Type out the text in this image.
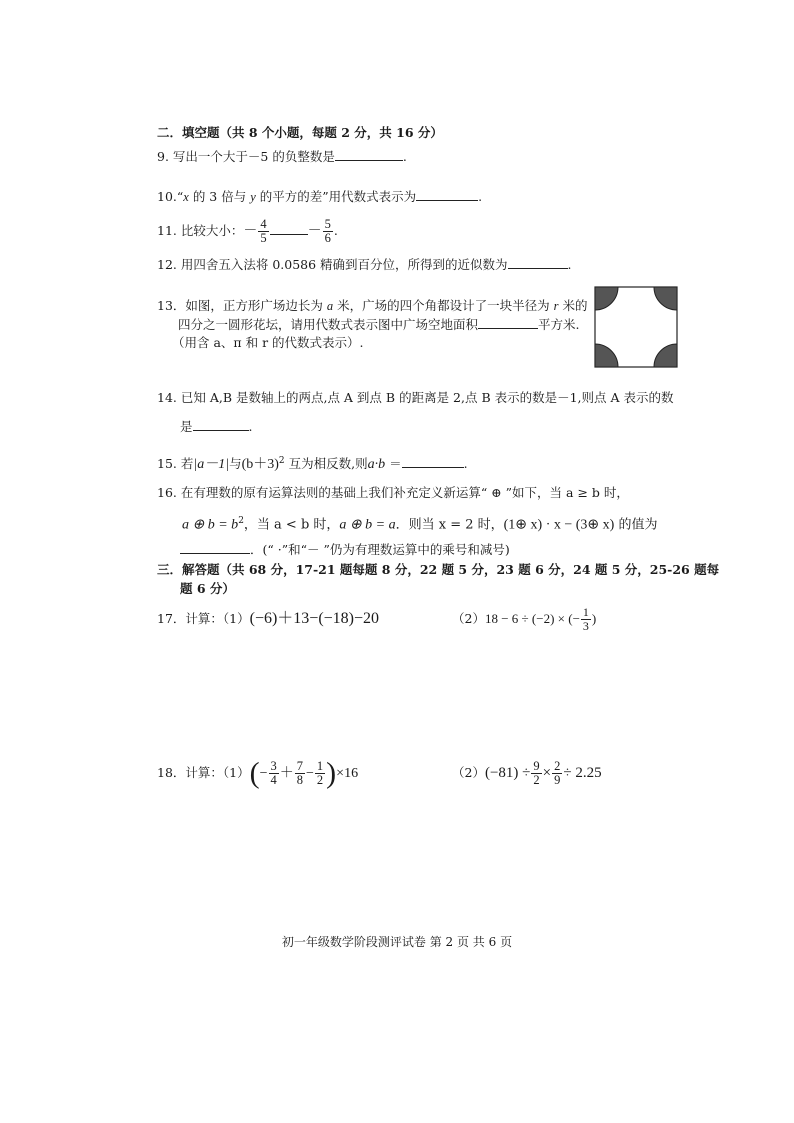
二．填空题（共 8 个小题，每题 2 分，共 16 分）
9. 写出一个大于－5 的负整数是	.
10.“x 的 3 倍与 y 的平方的差”用代数式表示为	.
11. 比较大小：－ $\frac{4}{5}$	－ $\frac{5}{6}$ .
12. 用四舍五入法将 0.0586 精确到百分位，所得到的近似数为	.
13．如图，正方形广场边长为 a 米，广场的四个角都设计了一块半径为 r 米的
四分之一圆形花坛，请用代数式表示图中广场空地面积	平方米.
（用含 a、π 和 r 的代数式表示）.
14. 已知 A,B 是数轴上的两点,点 A 到点 B 的距离是 2,点 B 表示的数是－1,则点 A 表示的数
是	.
15. 若|a－1|与$(b+3)^2$ 互为相反数,则a·b ＝	.
16. 在有理数的原有运算法则的基础上我们补充定义新运算“ ⊕ ”如下，当 a ≥ b 时，
a ⊕ $b = b^2$，当 a < b 时，a ⊕ b = a．则当 x = 2 时，(1⊕ x) · x − (3⊕ x) 的值为
．(“ ·”和“－ ”仍为有理数运算中的乘号和减号)
三．解答题（共 68 分，17-21 题每题 8 分，22 题 5 分，23 题 6 分，24 题 5 分，25-26 题每
题 6 分）
17．计算：（1）(−6)＋13−(−18)−20	（2）18 − 6 ÷ (−2) × (− $\frac{1}{3}$ )
18．计算：$(1)(- \frac{3}{4} + \frac{7}{8} - \frac{1}{2} )\times 16$	$(2)(-81) \div \frac{9}{2} \times \frac{2}{9} \div 2.25$
初一年级数学阶段测评试卷 第 2 页 共 6 页
